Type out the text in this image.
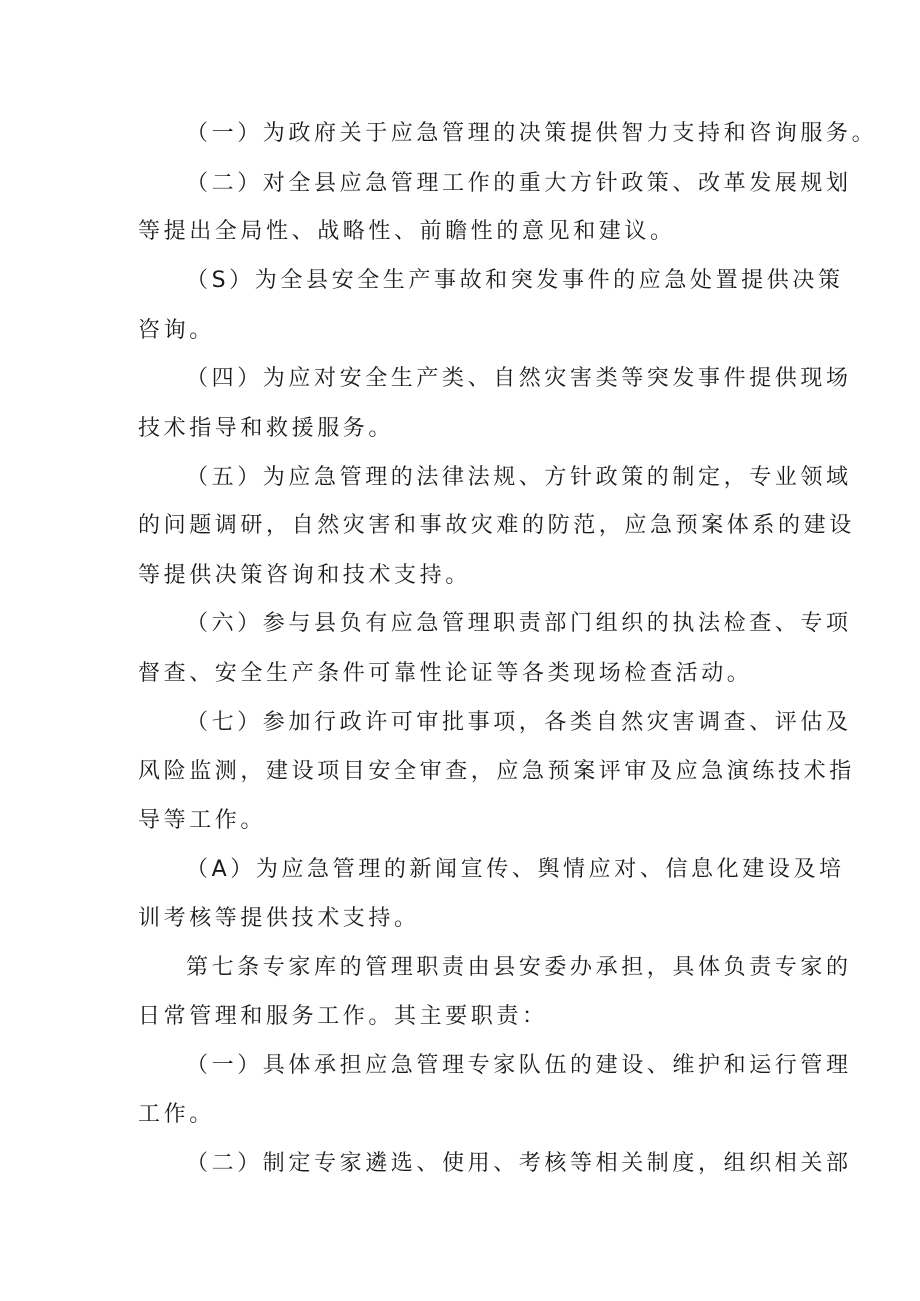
（一）为政府关于应急管理的决策提供智力支持和咨询服务。

（二）对全县应急管理工作的重大方针政策、改革发展规划

等提出全局性、战略性、前瞻性的意见和建议。

（S）为全县安全生产事故和突发事件的应急处置提供决策

咨询。

（四）为应对安全生产类、自然灾害类等突发事件提供现场

技术指导和救援服务。

（五）为应急管理的法律法规、方针政策的制定，专业领域

的问题调研，自然灾害和事故灾难的防范，应急预案体系的建设

等提供决策咨询和技术支持。

（六）参与县负有应急管理职责部门组织的执法检查、专项

督查、安全生产条件可靠性论证等各类现场检查活动。

（七）参加行政许可审批事项，各类自然灾害调查、评估及

风险监测，建设项目安全审查，应急预案评审及应急演练技术指

导等工作。

（A）为应急管理的新闻宣传、舆情应对、信息化建设及培

训考核等提供技术支持。

第七条专家库的管理职责由县安委办承担，具体负责专家的

日常管理和服务工作。其主要职责：

（一）具体承担应急管理专家队伍的建设、维护和运行管理

工作。

（二）制定专家遴选、使用、考核等相关制度，组织相关部
